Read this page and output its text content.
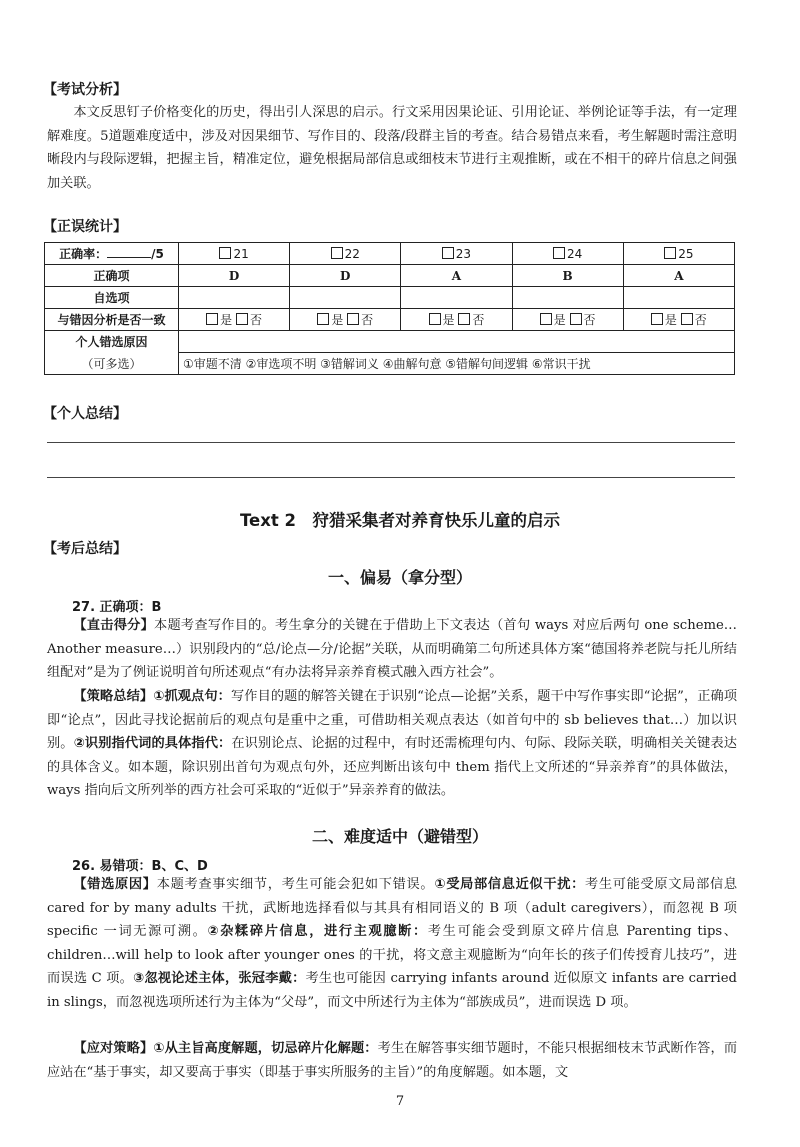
【考试分析】
本文反思钉子价格变化的历史，得出引人深思的启示。行文采用因果论证、引用论证、举例论证等手法，有一定理解难度。5道题难度适中，涉及对因果细节、写作目的、段落/段群主旨的考查。结合易错点来看，考生解题时需注意明晰段内与段际逻辑，把握主旨，精准定位，避免根据局部信息或细枝末节进行主观推断，或在不相干的碎片信息之间强加关联。
【正误统计】
正确率： /5	21	22	23	24	25
正确项	D	D	A	B	A
自选项					
与错因分析是否一致	是 否	是 否	是 否	是 否	是 否
个人错选原因					
（可多选）	①审题不清 ②审选项不明 ③错解词义 ④曲解句意 ⑤错解句间逻辑 ⑥常识干扰				
【个人总结】
Text 2　狩猎采集者对养育快乐儿童的启示
【考后总结】
一、偏易（拿分型）
27. 正确项：B
【直击得分】本题考查写作目的。考生拿分的关键在于借助上下文表达（首句 ways 对应后两句 one scheme…Another measure…）识别段内的“总/论点—分/论据”关联，从而明确第二句所述具体方案“德国将养老院与托儿所结组配对”是为了例证说明首句所述观点“有办法将异亲养育模式融入西方社会”。
【策略总结】①抓观点句：写作目的题的解答关键在于识别“论点—论据”关系，题干中写作事实即“论据”，正确项即“论点”，因此寻找论据前后的观点句是重中之重，可借助相关观点表达（如首句中的 sb believes that…）加以识别。②识别指代词的具体指代：在识别论点、论据的过程中，有时还需梳理句内、句际、段际关联，明确相关关键表达的具体含义。如本题，除识别出首句为观点句外，还应判断出该句中 them 指代上文所述的“异亲养育”的具体做法，ways 指向后文所列举的西方社会可采取的“近似于”异亲养育的做法。
二、难度适中（避错型）
26. 易错项：B、C、D
【错选原因】本题考查事实细节，考生可能会犯如下错误。①受局部信息近似干扰：考生可能受原文局部信息 cared for by many adults 干扰，武断地选择看似与其具有相同语义的 B 项（adult caregivers），而忽视 B 项 specific 一词无源可溯。②杂糅碎片信息，进行主观臆断：考生可能会受到原文碎片信息 Parenting tips、children…will help to look after younger ones 的干扰，将文意主观臆断为“向年长的孩子们传授育儿技巧”，进而误选 C 项。③忽视论述主体，张冠李戴：考生也可能因 carrying infants around 近似原文 infants are carried in slings，而忽视选项所述行为主体为“父母”，而文中所述行为主体为“部族成员”，进而误选 D 项。
【应对策略】①从主旨高度解题，切忌碎片化解题：考生在解答事实细节题时，不能只根据细枝末节武断作答，而应站在“基于事实，却又要高于事实（即基于事实所服务的主旨）”的角度解题。如本题，文
7
